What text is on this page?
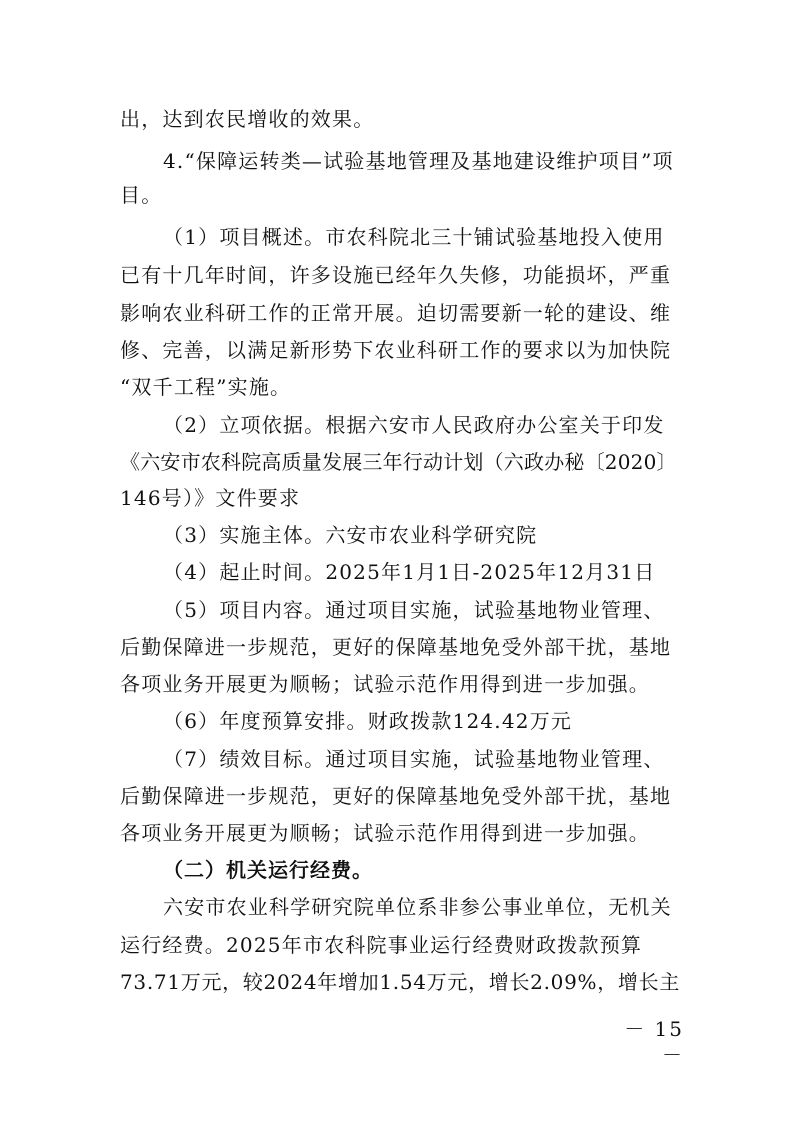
出，达到农民增收的效果。
4.“保障运转类—试验基地管理及基地建设维护项目”项
目。
（1）项目概述。市农科院北三十铺试验基地投入使用
已有十几年时间，许多设施已经年久失修，功能损坏，严重
影响农业科研工作的正常开展。迫切需要新一轮的建设、维
修、完善，以满足新形势下农业科研工作的要求以为加快院
“双千工程”实施。
（2）立项依据。根据六安市人民政府办公室关于印发
《六安市农科院高质量发展三年行动计划（六政办秘〔2020〕
146号）》文件要求
（3）实施主体。六安市农业科学研究院
（4）起止时间。2025年1月1日-2025年12月31日
（5）项目内容。通过项目实施，试验基地物业管理、
后勤保障进一步规范，更好的保障基地免受外部干扰，基地
各项业务开展更为顺畅；试验示范作用得到进一步加强。
（6）年度预算安排。财政拨款124.42万元
（7）绩效目标。通过项目实施，试验基地物业管理、
后勤保障进一步规范，更好的保障基地免受外部干扰，基地
各项业务开展更为顺畅；试验示范作用得到进一步加强。
（二）机关运行经费。
六安市农业科学研究院单位系非参公事业单位，无机关
运行经费。2025年市农科院事业运行经费财政拨款预算
73.71万元，较2024年增加1.54万元，增长2.09%，增长主
－ 15 －
